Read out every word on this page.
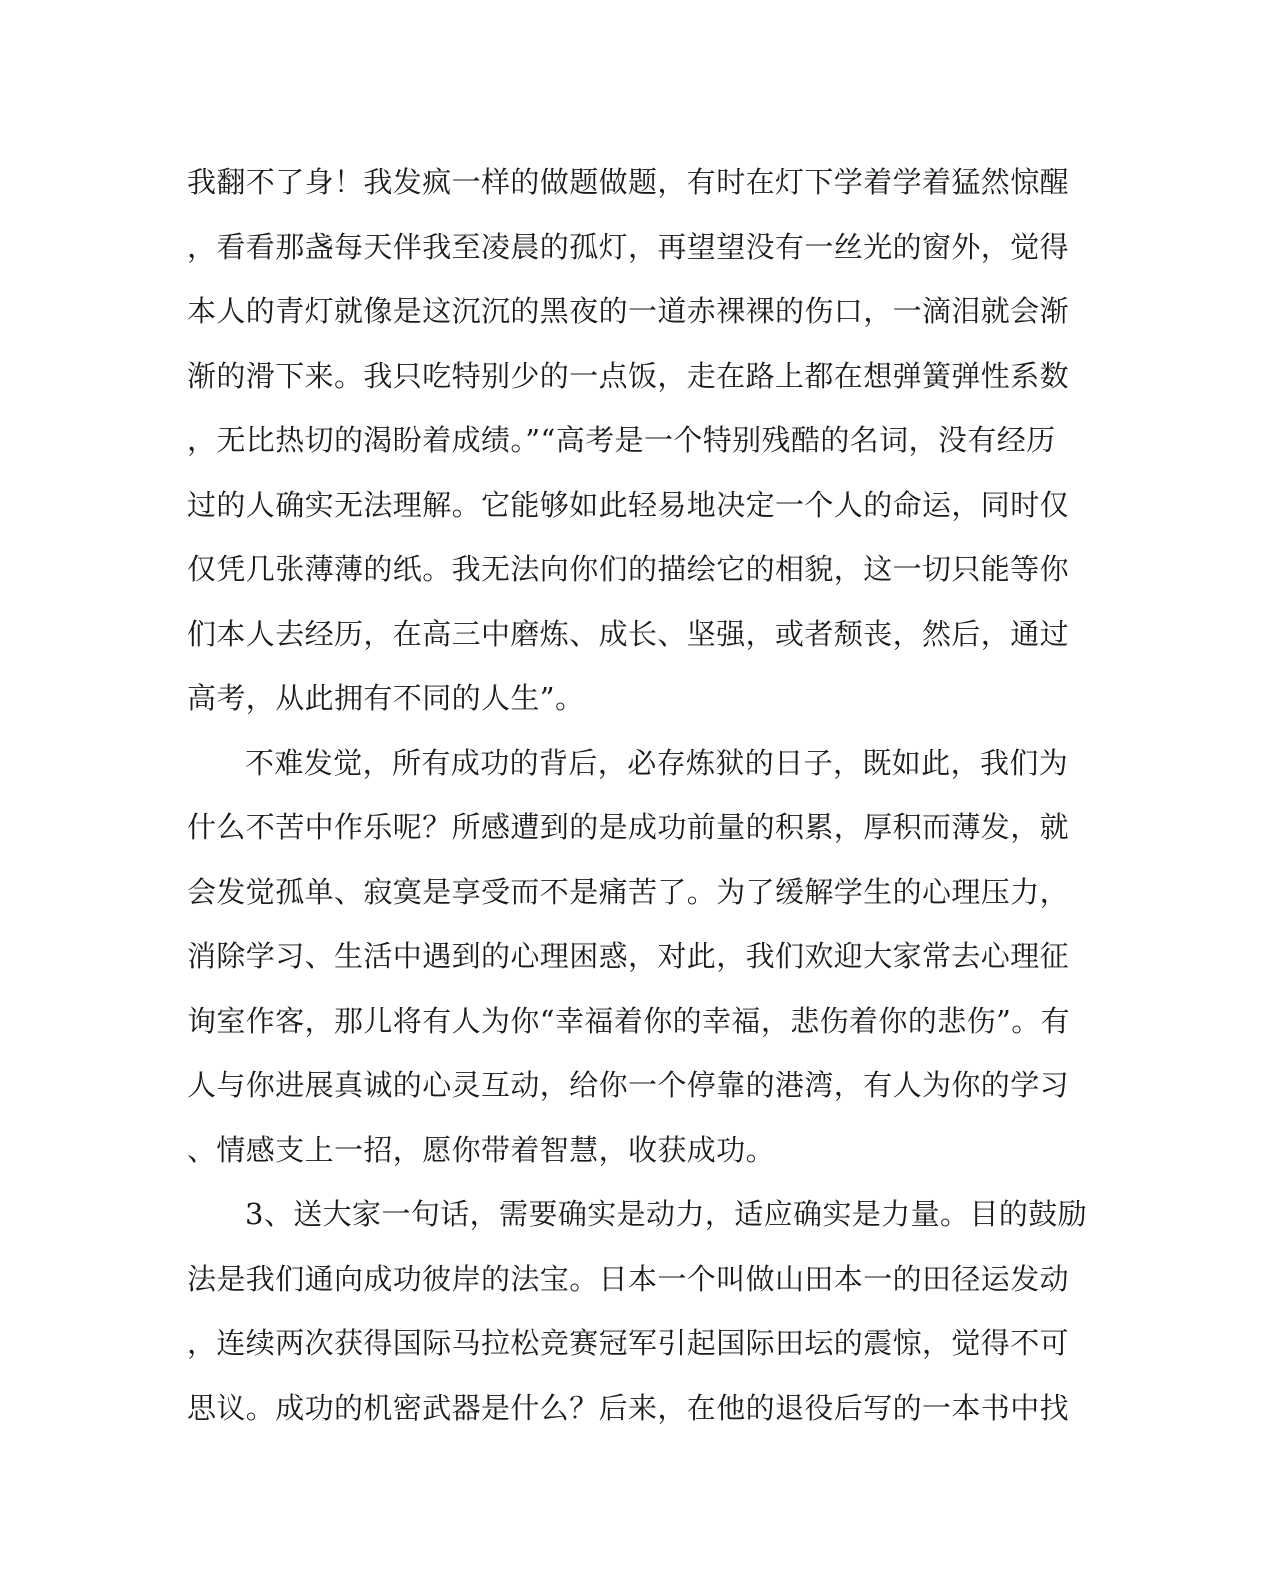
我翻不了身！我发疯一样的做题做题，有时在灯下学着学着猛然惊醒
，看看那盏每天伴我至凌晨的孤灯，再望望没有一丝光的窗外，觉得
本人的青灯就像是这沉沉的黑夜的一道赤裸裸的伤口，一滴泪就会渐
渐的滑下来。我只吃特别少的一点饭，走在路上都在想弹簧弹性系数
，无比热切的渴盼着成绩。”“高考是一个特别残酷的名词，没有经历
过的人确实无法理解。它能够如此轻易地决定一个人的命运，同时仅
仅凭几张薄薄的纸。我无法向你们的描绘它的相貌，这一切只能等你
们本人去经历，在高三中磨炼、成长、坚强，或者颓丧，然后，通过
高考，从此拥有不同的人生”。
不难发觉，所有成功的背后，必存炼狱的日子，既如此，我们为
什么不苦中作乐呢？所感遭到的是成功前量的积累，厚积而薄发，就
会发觉孤单、寂寞是享受而不是痛苦了。为了缓解学生的心理压力，
消除学习、生活中遇到的心理困惑，对此，我们欢迎大家常去心理征
询室作客，那儿将有人为你“幸福着你的幸福，悲伤着你的悲伤”。有
人与你进展真诚的心灵互动，给你一个停靠的港湾，有人为你的学习
、情感支上一招，愿你带着智慧，收获成功。
3、送大家一句话，需要确实是动力，适应确实是力量。目的鼓励
法是我们通向成功彼岸的法宝。日本一个叫做山田本一的田径运发动
，连续两次获得国际马拉松竞赛冠军引起国际田坛的震惊，觉得不可
思议。成功的机密武器是什么？后来，在他的退役后写的一本书中找
